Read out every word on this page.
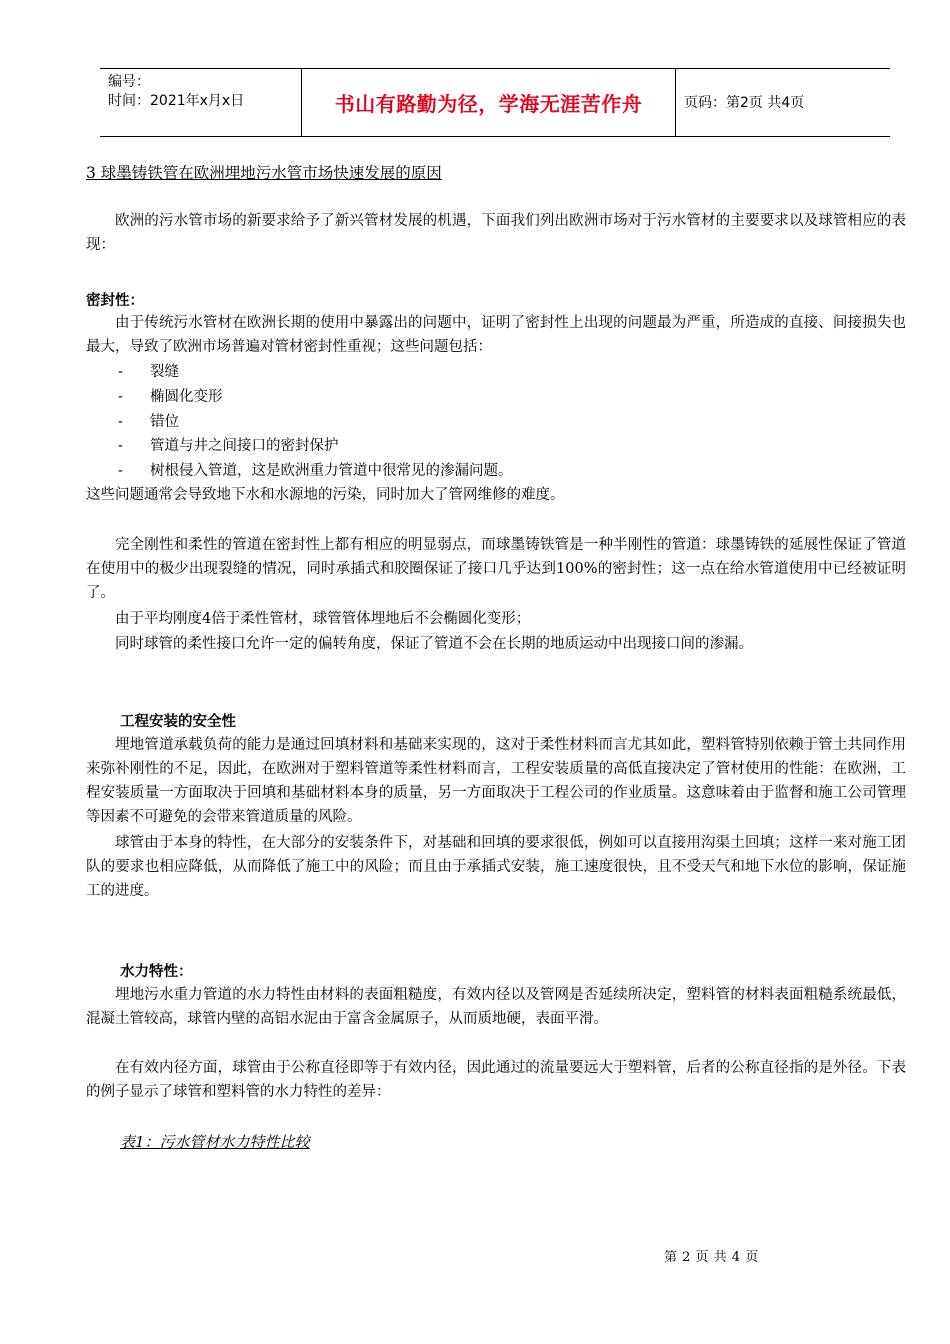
编号：
时间：2021年x月x日	书山有路勤为径，学海无涯苦作舟	页码：第2页 共4页
3 球墨铸铁管在欧洲埋地污水管市场快速发展的原因
欧洲的污水管市场的新要求给予了新兴管材发展的机遇，下面我们列出欧洲市场对于污水管材的主要要求以及球管相应的表现：
密封性：
由于传统污水管材在欧洲长期的使用中暴露出的问题中，证明了密封性上出现的问题最为严重，所造成的直接、间接损失也最大，导致了欧洲市场普遍对管材密封性重视；这些问题包括：
- 裂缝
- 椭圆化变形
- 错位
- 管道与井之间接口的密封保护
- 树根侵入管道，这是欧洲重力管道中很常见的渗漏问题。
这些问题通常会导致地下水和水源地的污染，同时加大了管网维修的难度。
完全刚性和柔性的管道在密封性上都有相应的明显弱点，而球墨铸铁管是一种半刚性的管道：球墨铸铁的延展性保证了管道在使用中的极少出现裂缝的情况，同时承插式和胶圈保证了接口几乎达到100%的密封性；这一点在给水管道使用中已经被证明了。
由于平均刚度4倍于柔性管材，球管管体埋地后不会椭圆化变形；
同时球管的柔性接口允许一定的偏转角度，保证了管道不会在长期的地质运动中出现接口间的渗漏。
工程安装的安全性
埋地管道承载负荷的能力是通过回填材料和基础来实现的，这对于柔性材料而言尤其如此，塑料管特别依赖于管土共同作用来弥补刚性的不足，因此，在欧洲对于塑料管道等柔性材料而言，工程安装质量的高低直接决定了管材使用的性能：在欧洲，工程安装质量一方面取决于回填和基础材料本身的质量，另一方面取决于工程公司的作业质量。这意味着由于监督和施工公司管理等因素不可避免的会带来管道质量的风险。
球管由于本身的特性，在大部分的安装条件下，对基础和回填的要求很低，例如可以直接用沟渠土回填；这样一来对施工团队的要求也相应降低，从而降低了施工中的风险；而且由于承插式安装，施工速度很快，且不受天气和地下水位的影响，保证施工的进度。
水力特性：
埋地污水重力管道的水力特性由材料的表面粗糙度，有效内径以及管网是否延续所决定，塑料管的材料表面粗糙系统最低，混凝土管较高，球管内壁的高铝水泥由于富含金属原子，从而质地硬，表面平滑。
在有效内径方面，球管由于公称直径即等于有效内径，因此通过的流量要远大于塑料管，后者的公称直径指的是外径。下表的例子显示了球管和塑料管的水力特性的差异：
表1：污水管材水力特性比较
第 2 页 共 4 页
